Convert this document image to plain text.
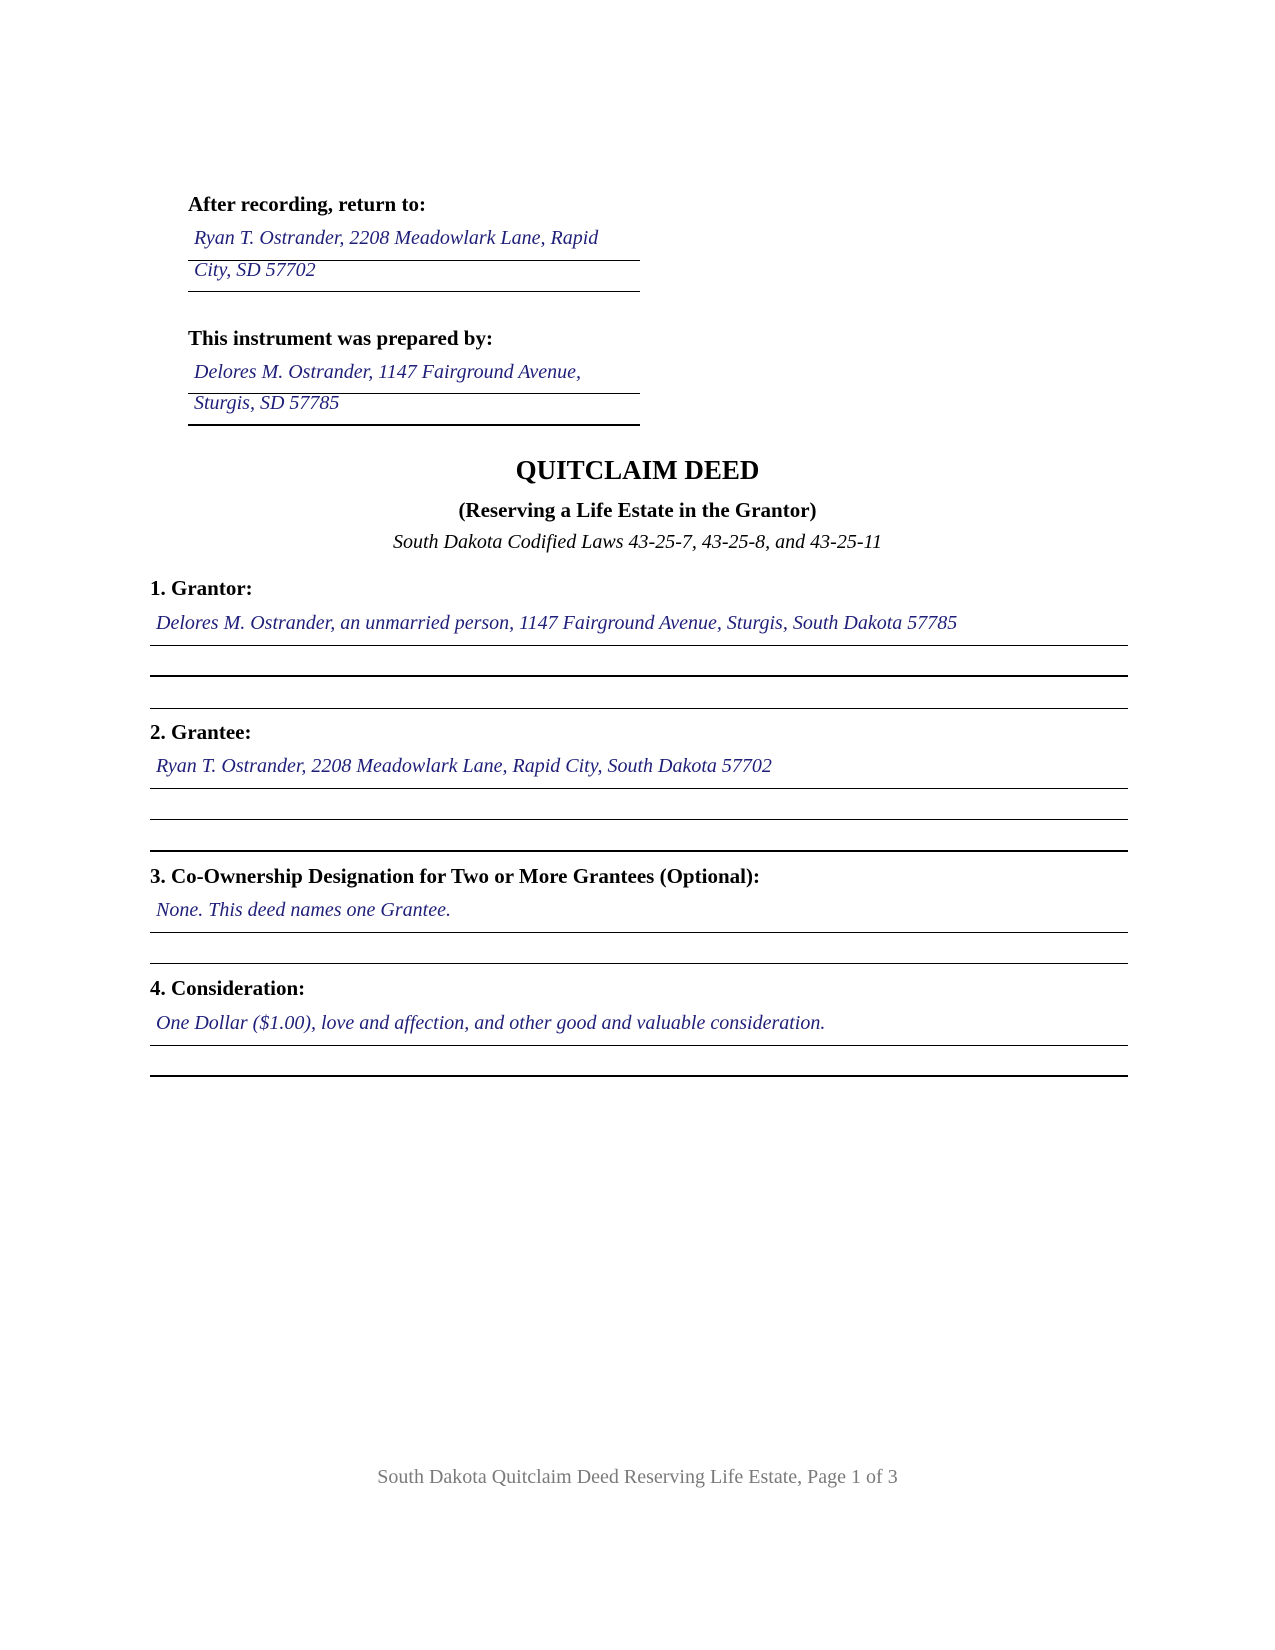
After recording, return to:
Ryan T. Ostrander, 2208 Meadowlark Lane, Rapid
City, SD 57702
This instrument was prepared by:
Delores M. Ostrander, 1147 Fairground Avenue,
Sturgis, SD 57785
QUITCLAIM DEED
(Reserving a Life Estate in the Grantor)
South Dakota Codified Laws 43-25-7, 43-25-8, and 43-25-11
1. Grantor:
Delores M. Ostrander, an unmarried person, 1147 Fairground Avenue, Sturgis, South Dakota 57785
2. Grantee:
Ryan T. Ostrander, 2208 Meadowlark Lane, Rapid City, South Dakota 57702
3. Co-Ownership Designation for Two or More Grantees (Optional):
None. This deed names one Grantee.
4. Consideration:
One Dollar ($1.00), love and affection, and other good and valuable consideration.
South Dakota Quitclaim Deed Reserving Life Estate, Page 1 of 3
